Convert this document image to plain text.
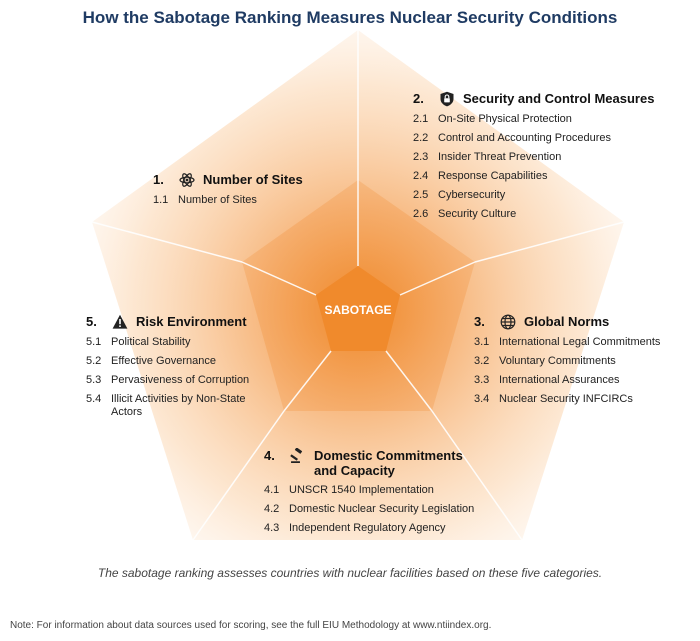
How the Sabotage Ranking Measures Nuclear Security Conditions
SABOTAGE
1.	Number of Sites
1.1 Number of Sites
2.	Security and Control Measures
2.1 On-Site Physical Protection
2.2 Control and Accounting Procedures
2.3 Insider Threat Prevention
2.4 Response Capabilities
2.5 Cybersecurity
2.6 Security Culture
3.	Global Norms
3.1 International Legal Commitments
3.2 Voluntary Commitments
3.3 International Assurances
3.4 Nuclear Security INFCIRCs
4.	Domestic Commitments and Capacity
4.1 UNSCR 1540 Implementation
4.2 Domestic Nuclear Security Legislation
4.3 Independent Regulatory Agency
5.	Risk Environment
5.1 Political Stability
5.2 Effective Governance
5.3 Pervasiveness of Corruption
5.4 Illicit Activities by Non-State Actors
The sabotage ranking assesses countries with nuclear facilities based on these five categories.
Note: For information about data sources used for scoring, see the full EIU Methodology at www.ntiindex.org.
